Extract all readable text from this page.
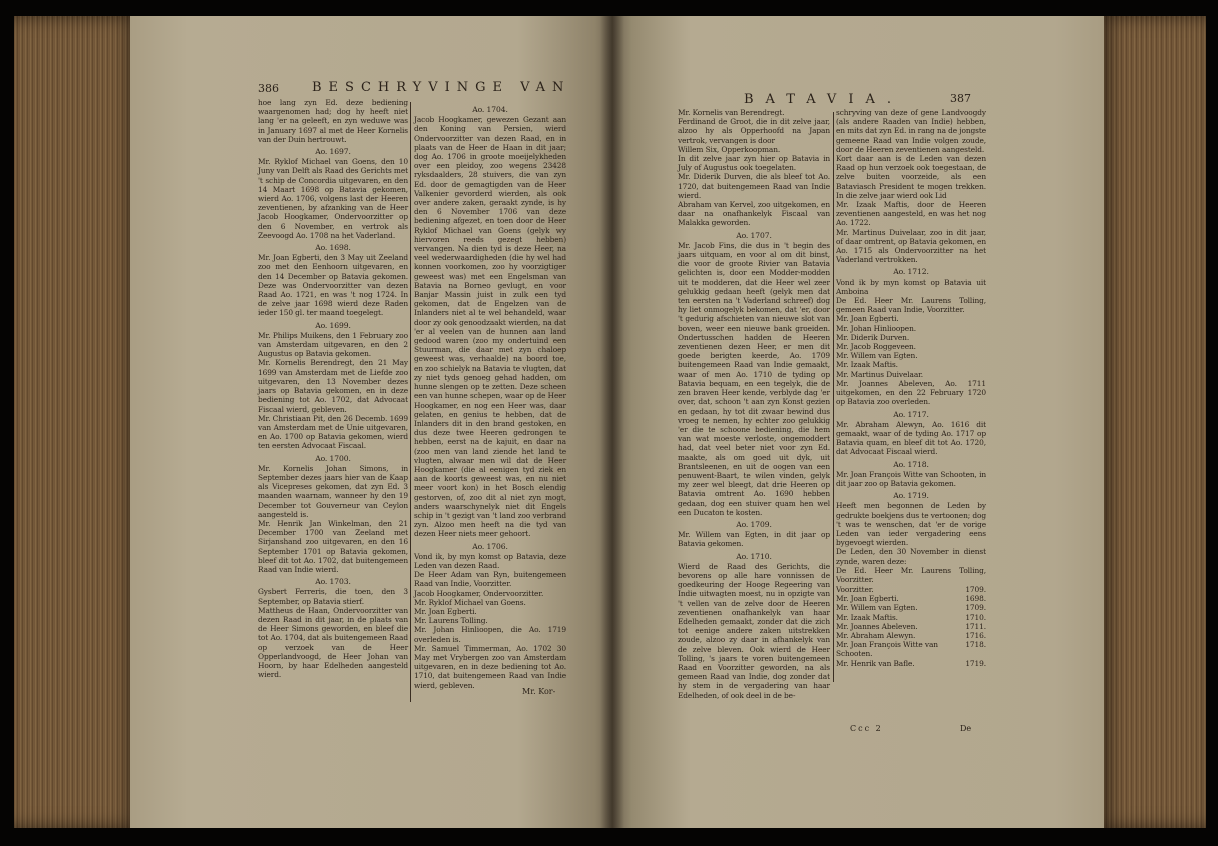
386	BESCHRYVINGE VAN

hoe lang zyn Ed. deze bediening waargenomen had; dog hy heeft niet lang 'er na geleeft, en zyn weduwe was in January 1697 al met de Heer Kornelis van der Duin hertrouwt.

Ao. 1697.

Mr. Ryklof Michael van Goens, den 10 Juny van Delft als Raad des Gerichts met 't schip de Concordia uitgevaren, en den 14 Maart 1698 op Batavia gekomen, wierd Ao. 1706, volgens last der Heeren zeventienen, by afzanking van de Heer Jacob Hoogkamer, Ondervoorzitter op den 6 November, en vertrok als Zeevoogd Ao. 1708 na het Vaderland.

Ao. 1698.

Mr. Joan Egberti, den 3 May uit Zeeland zoo met den Eenhoorn uitgevaren, en den 14 December op Batavia gekomen. Deze was Ondervoorzitter van dezen Raad Ao. 1721, en was 't nog 1724. In de zelve jaar 1698 wierd deze Raden ieder 150 gl. ter maand toegelegt.

Ao. 1699.

Mr. Philips Muikens, den 1 February zoo van Amsterdam uitgevaren, en den 2 Augustus op Batavia gekomen.

Mr. Kornelis Berendregt, den 21 May 1699 van Amsterdam met de Liefde zoo uitgevaren, den 13 November dezes jaars op Batavia gekomen, en in deze bediening tot Ao. 1702, dat Advocaat Fiscaal wierd, gebleven.

Mr. Christiaan Pit, den 26 Decemb. 1699 van Amsterdam met de Unie uitgevaren, en Ao. 1700 op Batavia gekomen, wierd ten eersten Advocaat Fiscaal.

Ao. 1700.

Mr. Kornelis Johan Simons, in September dezes jaars hier van de Kaap als Vicepreses gekomen, dat zyn Ed. 3 maanden waarnam, wanneer hy den 19 December tot Gouverneur van Ceylon aangesteld is.

Mr. Henrik Jan Winkelman, den 21 December 1700 van Zeeland met Sirjanshand zoo uitgevaren, en den 16 September 1701 op Batavia gekomen, bleef dit tot Ao. 1702, dat buitengemeen Raad van Indie wierd.

Ao. 1703.

Gysbert Ferreris, die toen, den 3 September, op Batavia stierf.

Mattheus de Haan, Ondervoorzitter van dezen Raad in dit jaar, in de plaats van de Heer Simons geworden, en bleef die tot Ao. 1704, dat als buitengemeen Raad op verzoek van de Heer Opperlandvoogd, de Heer Johan van Hoorn, by haar Edelheden aangesteld wierd.

Ao. 1704.

Jacob Hoogkamer, gewezen Gezant aan den Koning van Persien, wierd Ondervoorzitter van dezen Raad, en in plaats van de Heer de Haan in dit jaar; dog Ao. 1706 in groote moeijelykheden over een pleidoy, zoo wegens 23428 ryksdaalders, 28 stuivers, die van zyn Ed. door de gemagtigden van de Heer Valkenier gevorderd wierden, als ook over andere zaken, geraakt zynde, is hy den 6 November 1706 van deze bediening afgezet, en toen door de Heer Ryklof Michael van Goens (gelyk wy hiervoren reeds gezegt hebben) vervangen. Na dien tyd is deze Heer, na veel wederwaardigheden (die hy wel had konnen voorkomen, zoo hy voorzigtiger geweest was) met een Engelsman van Batavia na Borneo gevlugt, en voor Banjar Massin juist in zulk een tyd gekomen, dat de Engelzen van de Inlanders niet al te wel behandeld, waar door zy ook genoodzaakt wierden, na dat 'er al veelen van de hunnen aan land gedood waren (zoo my ondertuind een Stuurman, die daar met zyn chaloep geweest was, verhaalde) na boord toe, en zoo schielyk na Batavia te vlugten, dat zy niet tyds genoeg gehad hadden, om hunne slengen op te zetten. Deze scheen een van hunne schepen, waar op de Heer Hoogkamer, en nog een Heer was, daar gelaten, en genius te hebben, dat de Inlanders dit in den brand gestoken, en dus deze twee Heeren gedrongen te hebben, eerst na de kajuit, en daar na (zoo men van land ziende het land te vlugten, alwaar men wil dat de Heer Hoogkamer (die al eenigen tyd ziek en aan de koorts geweest was, en nu niet meer voort kon) in het Bosch elendig gestorven, of, zoo dit al niet zyn mogt, anders waarschynelyk niet dit Engels schip in 't gezigt van 't land zoo verbrand zyn. Alzoo men heeft na die tyd van dezen Heer niets meer gehoort.

Ao. 1706.

Vond ik, by myn komst op Batavia, deze Leden van dezen Raad.

De Heer Adam van Ryn, buitengemeen Raad van Indie, Voorzitter.

Jacob Hoogkamer, Ondervoorzitter.

Mr. Ryklof Michael van Goens.

Mr. Joan Egberti.

Mr. Laurens Tolling.

Mr. Johan Hinlioopen, die Ao. 1719 overleden is.

Mr. Samuel Timmerman, Ao. 1702 30 May met Vrybergen zoo van Amsterdam uitgevaren, en in deze bediening tot Ao. 1710, dat buitengemeen Raad van Indie wierd, gebleven.

Mr. Kor-
BATAVIA.	387

Mr. Kornelis van Berendregt.

Ferdinand de Groot, die in dit zelve jaar, alzoo hy als Opperhoofd na Japan vertrok, vervangen is door

Willem Six, Opperkoopman.

In dit zelve jaar zyn hier op Batavia in July of Augustus ook toegelaten.

Mr. Diderik Durven, die als bleef tot Ao. 1720, dat buitengemeen Raad van Indie wierd.

Abraham van Kervel, zoo uitgekomen, en daar na onafhankelyk Fiscaal van Malakka geworden.

Ao. 1707.

Mr. Jacob Fins, die dus in 't begin des jaars uitquam, en voor al om dit binst, die voor de groote Rivier van Batavia gelichten is, door een Modder-modden uit te modderen, dat die Heer wel zeer gelukkig gedaan heeft (gelyk men dat ten eersten na 't Vaderland schreef) dog hy liet onmogelyk bekomen, dat 'er, door 't gedurig afschieten van nieuwe slot van boven, weer een nieuwe bank groeiden. Ondertusschen hadden de Heeren zeventienen dezen Heer, er men dit goede berigten keerde, Ao. 1709 buitengemeen Raad van Indie gemaakt, waar of men Ao. 1710 de tyding op Batavia bequam, en een tegelyk, die de zen braven Heer kende, verblyde dag 'er over, dat, schoon 't aan zyn Konst gezien en gedaan, hy tot dit zwaar bewind dus vroeg te nemen, hy echter zoo gelukkig 'er die te schoone bediening, die hem van wat moeste verloste, ongemoddert had, dat veel beter niet voor zyn Ed. maakte, als om goed uit dyk, uit Brantsleenen, en uit de oogen van een penuwent-Baart, te wilen vinden, gelyk my zeer wel bleegt, dat drie Heeren op Batavia omtrent Ao. 1690 hebben gedaan, dog een stuiver quam hen wel een Ducaton te kosten.

Ao. 1709.

Mr. Willem van Egten, in dit jaar op Batavia gekomen.

Ao. 1710.

Wierd de Raad des Gerichts, die bevorens op alle hare vonnissen de goedkeuring der Hooge Regeering van Indie uitwagten moest, nu in opzigte van 't vellen van de zelve door de Heeren zeventienen onafhankelyk van haar Edelheden gemaakt, zonder dat die zich tot eenige andere zaken uitstrekken zoude, alzoo zy daar in afhankelyk van de zelve bleven. Ook wierd de Heer Tolling, 's jaars te voren buitengemeen Raad en Voorzitter geworden, na als gemeen Raad van Indie, dog zonder dat hy stem in de vergadering van haar Edelheden, of ook deel in de be-

schryving van deze of gene Landvoogdy (als andere Raaden van Indie) hebben, en mits dat zyn Ed. in rang na de jongste gemeene Raad van Indie volgen zoude, door de Heeren zeventienen aangesteld.

Kort daar aan is de Leden van dezen Raad op hun verzoek ook toegestaan, de zelve buiten voorzeide, als een Bataviasch President te mogen trekken. In die zelve jaar wierd ook Lid

Mr. Izaak Maftis, door de Heeren zeventienen aangesteld, en was het nog Ao. 1722.

Mr. Martinus Duivelaar, zoo in dit jaar, of daar omtrent, op Batavia gekomen, en Ao. 1715 als Ondervoorzitter na het Vaderland vertrokken.

Ao. 1712.

Vond ik by myn komst op Batavia uit Amboina

De Ed. Heer Mr. Laurens Tolling, gemeen Raad van Indie, Voorzitter.

Mr. Joan Egberti.

Mr. Johan Hinlioopen.

Mr. Diderik Durven.

Mr. Jacob Roggeveen.

Mr. Willem van Egten.

Mr. Izaak Maftis.

Mr. Martinus Duivelaar.

Mr. Joannes Abeleven, Ao. 1711 uitgekomen, en den 22 February 1720 op Batavia zoo overleden.

Ao. 1717.

Mr. Abraham Alewyn, Ao. 1616 dit gemaakt, waar of de tyding Ao. 1717 op Batavia quam, en bleef dit tot Ao. 1720, dat Advocaat Fiscaal wierd.

Ao. 1718.

Mr. Joan François Witte van Schooten, in dit jaar zoo op Batavia gekomen.

Ao. 1719.

Heeft men begonnen de Leden by gedrukte boekjens dus te vertoonen; dog 't was te wenschen, dat 'er de vorige Leden van ieder vergadering eens bygevoegt wierden.

De Leden, den 30 November in dienst zynde, waren deze:

De Ed. Heer Mr. Laurens Tolling, Voorzitter.

Voorzitter.	1709.
Mr. Joan Egberti.	1698.
Mr. Willem van Egten.	1709.
Mr. Izaak Maftis.	1710.
Mr. Joannes Abeleven.	1711.
Mr. Abraham Alewyn.	1716.
Mr. Joan François Witte van Schooten.
1718.
Mr. Henrik van Bafle.	1719.
Ccc 2	De
